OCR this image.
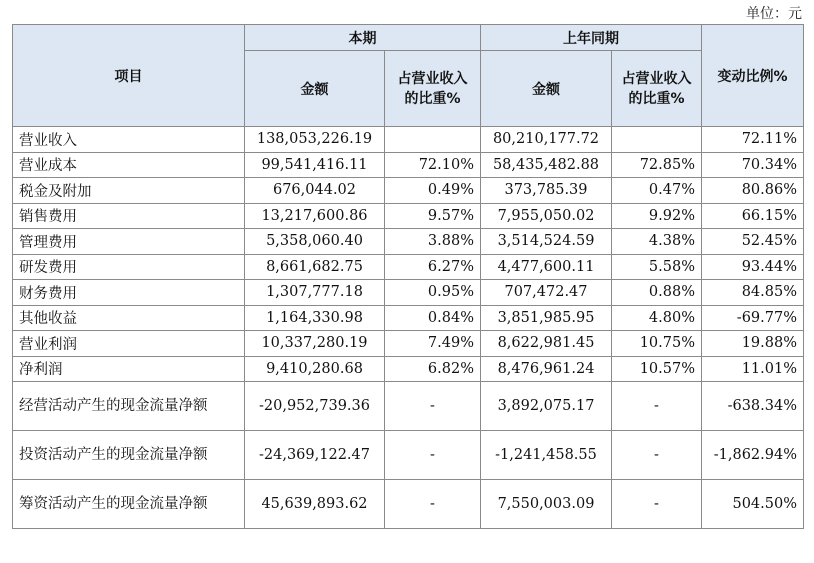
单位：元
项目	本期		上年同期		变动比例%
	金额	占营业收入的比重%	金额	占营业收入的比重%	
营业收入	138,053,226.19		80,210,177.72		72.11%
营业成本	99,541,416.11	72.10%	58,435,482.88	72.85%	70.34%
税金及附加	676,044.02	0.49%	373,785.39	0.47%	80.86%
销售费用	13,217,600.86	9.57%	7,955,050.02	9.92%	66.15%
管理费用	5,358,060.40	3.88%	3,514,524.59	4.38%	52.45%
研发费用	8,661,682.75	6.27%	4,477,600.11	5.58%	93.44%
财务费用	1,307,777.18	0.95%	707,472.47	0.88%	84.85%
其他收益	1,164,330.98	0.84%	3,851,985.95	4.80%	-69.77%
营业利润	10,337,280.19	7.49%	8,622,981.45	10.75%	19.88%
净利润	9,410,280.68	6.82%	8,476,961.24	10.57%	11.01%
经营活动产生的现金流量净额	-20,952,739.36	-	3,892,075.17	-	-638.34%
投资活动产生的现金流量净额	-24,369,122.47	-	-1,241,458.55	-	-1,862.94%
筹资活动产生的现金流量净额	45,639,893.62	-	7,550,003.09	-	504.50%
